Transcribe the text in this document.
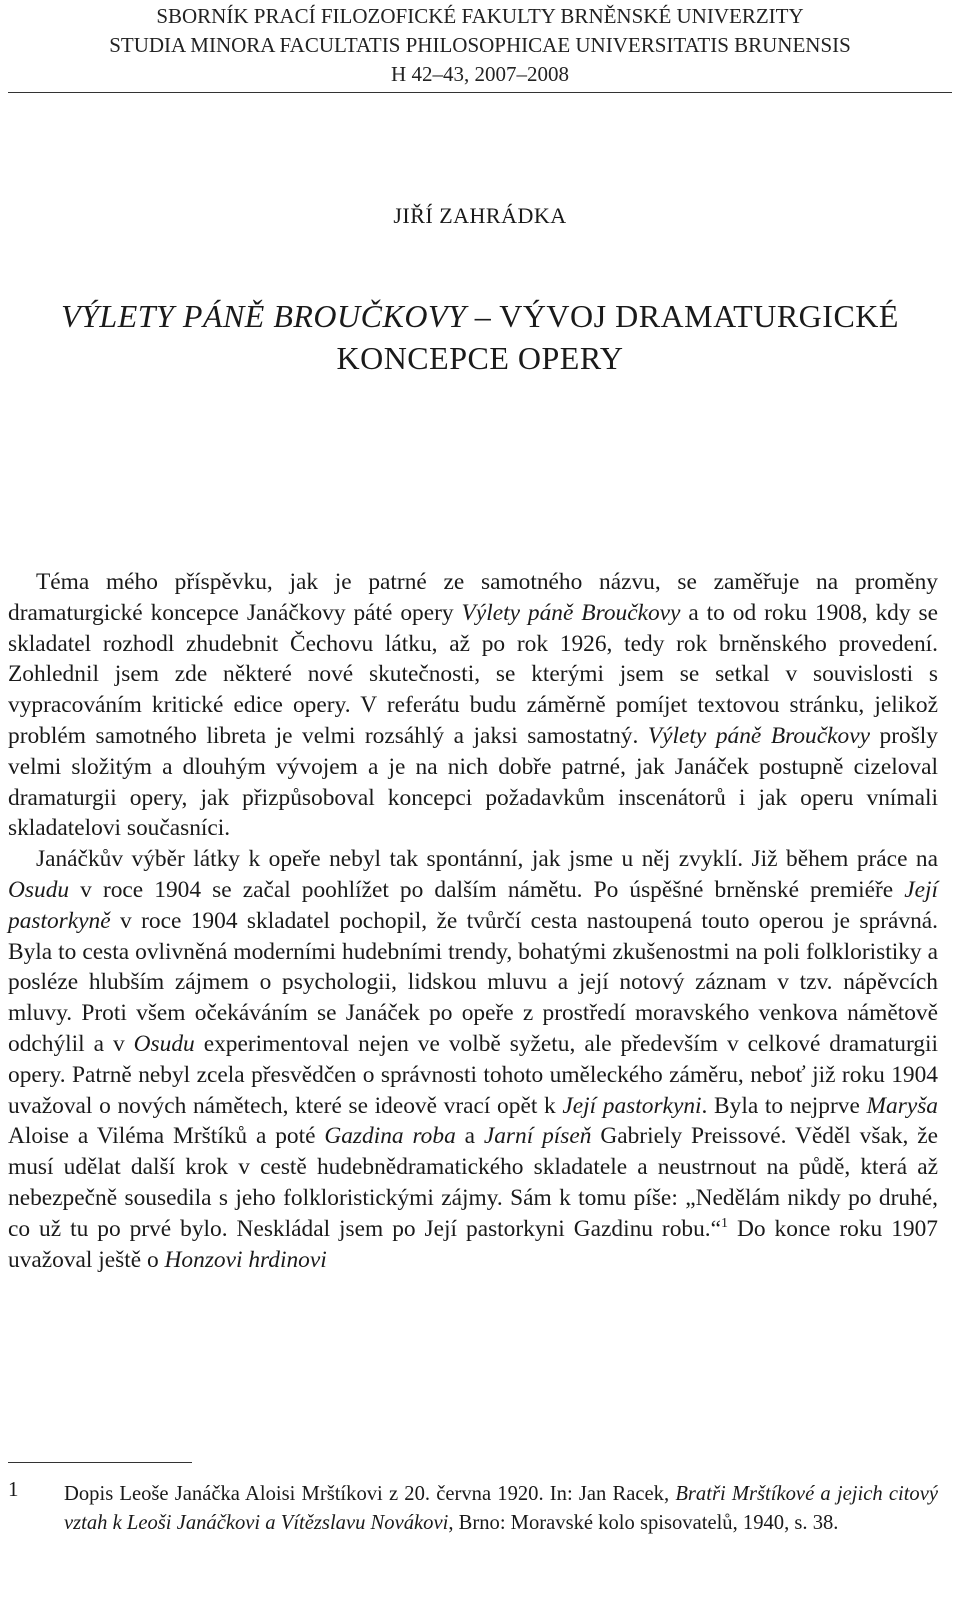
SBORNÍK PRACÍ FILOZOFICKÉ FAKULTY BRNĚNSKÉ UNIVERZITY
STUDIA MINORA FACULTATIS PHILOSOPHICAE UNIVERSITATIS BRUNENSIS
H 42–43, 2007–2008
JIŘÍ ZAHRÁDKA
VÝLETY PÁNĚ BROUČKOVY – VÝVOJ DRAMATURGICKÉ
KONCEPCE OPERY

Téma mého příspěvku, jak je patrné ze samotného názvu, se zaměřuje na proměny dramaturgické koncepce Janáčkovy páté opery Výlety páně Broučkovy a to od roku 1908, kdy se skladatel rozhodl zhudebnit Čechovu látku, až po rok 1926, tedy rok brněnského provedení. Zohlednil jsem zde některé nové skutečnosti, se kterými jsem se setkal v souvislosti s vypracováním kritické edice opery. V referátu budu záměrně pomíjet textovou stránku, jelikož problém samotného libreta je velmi rozsáhlý a jaksi samostatný. Výlety páně Broučkovy prošly velmi složitým a dlouhým vývojem a je na nich dobře patrné, jak Janáček postupně cizeloval dramaturgii opery, jak přizpůsoboval koncepci požadavkům inscenátorů i jak operu vnímali skladatelovi současníci.

Janáčkův výběr látky k opeře nebyl tak spontánní, jak jsme u něj zvyklí. Již během práce na Osudu v roce 1904 se začal poohlížet po dalším námětu. Po úspěšné brněnské premiéře Její pastorkyně v roce 1904 skladatel pochopil, že tvůrčí cesta nastoupená touto operou je správná. Byla to cesta ovlivněná moderními hudebními trendy, bohatými zkušenostmi na poli folkloristiky a posléze hlubším zájmem o psychologii, lidskou mluvu a její notový záznam v tzv. nápěvcích mluvy. Proti všem očekáváním se Janáček po opeře z prostředí moravského venkova námětově odchýlil a v Osudu experimentoval nejen ve volbě syžetu, ale především v celkové dramaturgii opery. Patrně nebyl zcela přesvědčen o správnosti tohoto uměleckého záměru, neboť již roku 1904 uvažoval o nových námětech, které se ideově vrací opět k Její pastorkyni. Byla to nejprve Maryša Aloise a Viléma Mrštíků a poté Gazdina roba a Jarní píseň Gabriely Preissové. Věděl však, že musí udělat další krok v cestě hudebnědramatického skladatele a neustrnout na půdě, která až nebezpečně sousedila s jeho folkloristickými zájmy. Sám k tomu píše: „Nedělám nikdy po druhé, co už tu po prvé bylo. Neskládal jsem po Její pastorkyni Gazdinu robu.“$^1$ Do konce roku 1907 uvažoval ještě o Honzovi hrdinovi

1 Dopis Leoše Janáčka Aloisi Mrštíkovi z 20. června 1920. In: Jan Racek, Bratři Mrštíkové a jejich citový vztah k Leoši Janáčkovi a Vítězslavu Novákovi, Brno: Moravské kolo spisovatelů, 1940, s. 38.
